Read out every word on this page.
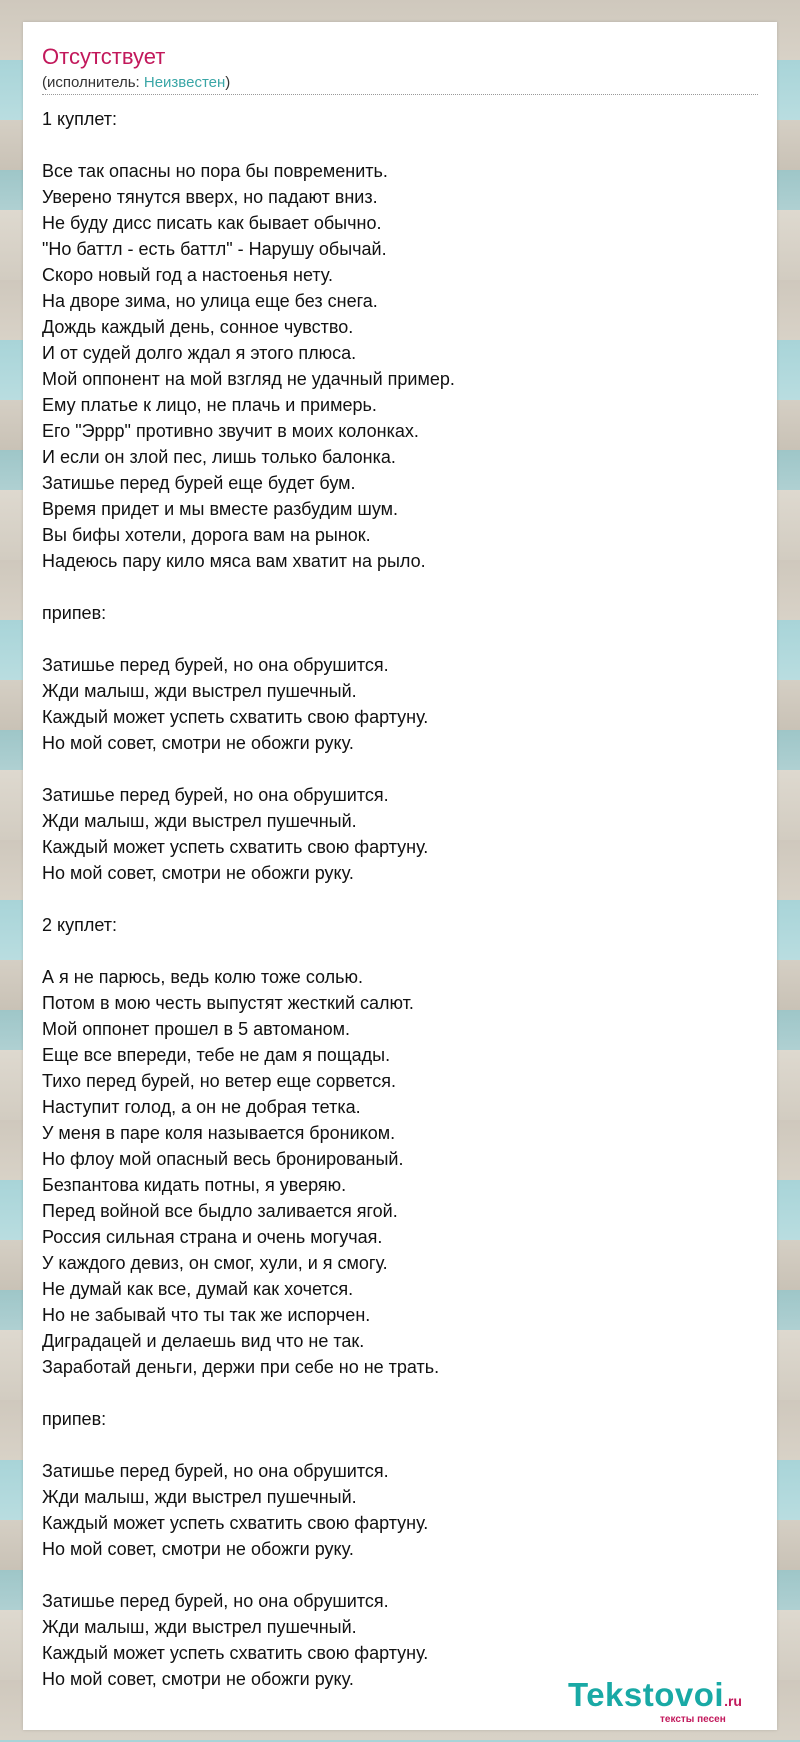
Отсутствует
(исполнитель: Неизвестен)
1 куплет:
Все так опасны но пора бы повременить.
Уверено тянутся вверх, но падают вниз.
Не буду дисс писать как бывает обычно.
"Но баттл - есть баттл" - Нарушу обычай.
Скоро новый год а настоенья нету.
На дворе зима, но улица еще без снега.
Дождь каждый день, сонное чувство.
И от судей долго ждал я этого плюса.
Мой оппонент на мой взгляд не удачный пример.
Ему платье к лицо, не плачь и примерь.
Его "Эррр" противно звучит в моих колонках.
И если он злой пес, лишь только балонка.
Затишье перед бурей еще будет бум.
Время придет и мы вместе разбудим шум.
Вы бифы хотели, дорога вам на рынок.
Надеюсь пару кило мяса вам хватит на рыло.
припев:
Затишье перед бурей, но она обрушится.
Жди малыш, жди выстрел пушечный.
Каждый может успеть схватить свою фартуну.
Но мой совет, смотри не обожги руку.
Затишье перед бурей, но она обрушится.
Жди малыш, жди выстрел пушечный.
Каждый может успеть схватить свою фартуну.
Но мой совет, смотри не обожги руку.
2 куплет:
А я не парюсь, ведь колю тоже солью.
Потом в мою честь выпустят жесткий салют.
Мой оппонет прошел в 5 автоманом.
Еще все впереди, тебе не дам я пощады.
Тихо перед бурей, но ветер еще сорвется.
Наступит голод, а он не добрая тетка.
У меня в паре коля называется броником.
Но флоу мой опасный весь бронированый.
Безпантова кидать потны, я уверяю.
Перед войной все быдло заливается ягой.
Россия сильная страна и очень могучая.
У каждого девиз, он смог, хули, и я смогу.
Не думай как все, думай как хочется.
Но не забывай что ты так же испорчен.
Диградацей и делаешь вид что не так.
Заработай деньги, держи при себе но не трать.
припев:
Затишье перед бурей, но она обрушится.
Жди малыш, жди выстрел пушечный.
Каждый может успеть схватить свою фартуну.
Но мой совет, смотри не обожги руку.
Затишье перед бурей, но она обрушится.
Жди малыш, жди выстрел пушечный.
Каждый может успеть схватить свою фартуну.
Но мой совет, смотри не обожги руку.	Tekstovoi.ru
тексты песен
